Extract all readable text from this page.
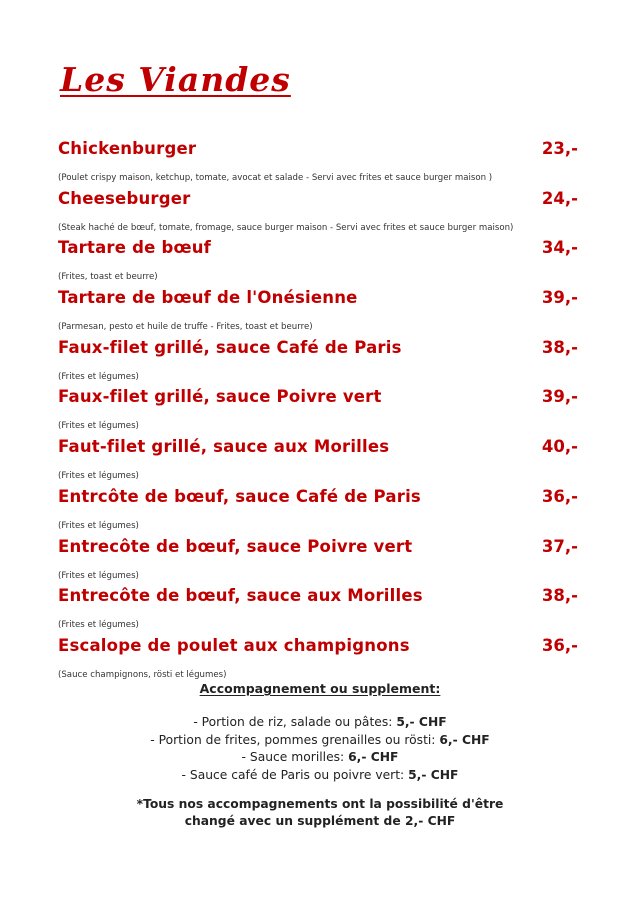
Les Viandes
Chickenburger	23,-
(Poulet crispy maison, ketchup, tomate, avocat et salade - Servi avec frites et sauce burger maison )
Cheeseburger	24,-
(Steak haché de bœuf, tomate, fromage, sauce burger maison - Servi avec frites et sauce burger maison)
Tartare de bœuf	34,-
(Frites, toast et beurre)
Tartare de bœuf de l'Onésienne	39,-
(Parmesan, pesto et huile de truffe - Frites, toast et beurre)
Faux-filet grillé, sauce Café de Paris	38,-
(Frites et légumes)
Faux-filet grillé, sauce Poivre vert	39,-
(Frites et légumes)
Faut-filet grillé, sauce aux Morilles	40,-
(Frites et légumes)
Entrcôte de bœuf, sauce Café de Paris	36,-
(Frites et légumes)
Entrecôte de bœuf, sauce Poivre vert	37,-
(Frites et légumes)
Entrecôte de bœuf, sauce aux Morilles	38,-
(Frites et légumes)
Escalope de poulet aux champignons	36,-
(Sauce champignons, rösti et légumes)
Accompagnement ou supplement:
- Portion de riz, salade ou pâtes: 5,- CHF
- Portion de frites, pommes grenailles ou rösti: 6,- CHF
- Sauce morilles: 6,- CHF
- Sauce café de Paris ou poivre vert: 5,- CHF
*Tous nos accompagnements ont la possibilité d'être
changé avec un supplément de 2,- CHF
